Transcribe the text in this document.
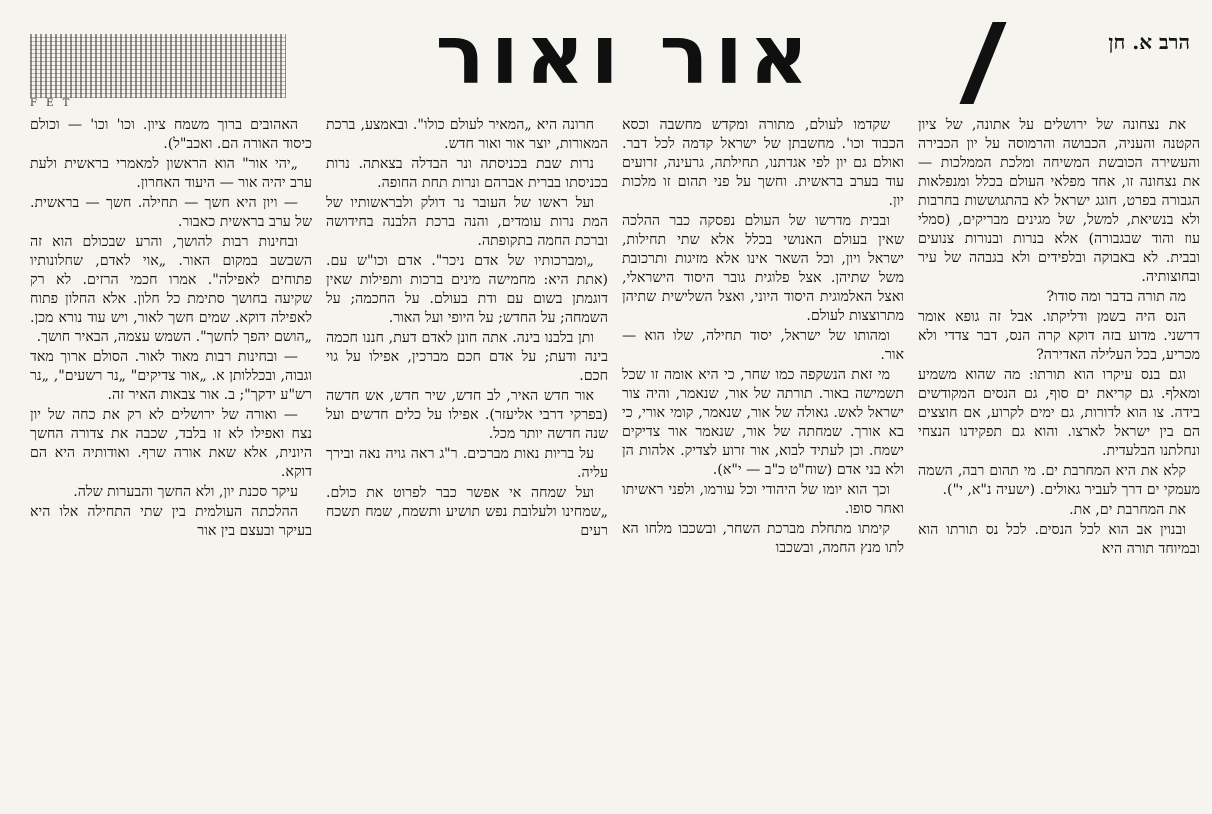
הרב א. חן
אור ואור
F E T

את נצחונה של ירושלים על אתונה, של ציון הקטנה והעניה, הכבושה והרמוסה על יון הכבירה והעשירה הכובשת המשיחה ומלכת הממלכות — את נצחונה זו, אחד מפלאי העולם בכלל ומנפלאות הגבורה בפרט, חוגג ישראל לא בהתגוששות בחרבות ולא בנשיאת, למשל, של מגינים מבריקים, (סמלי עוז והוד שבגבורה) אלא בנרות ובנורות צנועים ובבית. לא באבוקה ובלפידים ולא בגבהה של עיר ובחוצותיה.

מה תורה בדבר ומה סודו?

הנס היה בשמן ודליקתו. אבל זה גופא אומר דרשני. מדוע בזה דוקא קרה הנס, דבר צדדי ולא מכריע, בכל העלילה האדירה?

וגם בנס עיקרו הוא תורתו: מה שהוא משמיע ומאלף. גם קריאת ים סוף, גם הנסים המקודשים בידה. צו הוא לדורות, גם ימים לקרוע, אם חוצצים הם בין ישראל לארצו. והוא גם תפקידנו הנצחי ונחלתנו הבלעדית.

קלא את היא המחרבת ים. מי תהום רבה, השמה מעמקי ים דרך לעביר גאולים. (ישעיה נ"א, י").

את המחרבת ים, את.

ובנוין אב הוא לכל הנסים. לכל נס תורתו הוא ובמיוחד תורה היא

שקדמו לעולם, מתורה ומקדש מחשבה וכסא הכבוד וכו'. מחשבתן של ישראל קדמה לכל דבר. ואולם גם יון לפי אגדתנו, תחילתה, גרעינה, זרועים עוד בערב בראשית. וחשך על פני תהום זו מלכות יון.

ובבית מדרשו של העולם נפסקה כבר ההלכה שאין בעולם האנושי בכלל אלא שתי תחילות, ישראל ויון, וכל השאר אינו אלא מזיגות ותרכובת משל שתיהן. אצל פלוגית גובר היסוד הישראלי, ואצל האלמוגית היסוד היוני, ואצל השלישית שתיהן מתרוצצות לעולם.

ומהותו של ישראל, יסוד תחילה, שלו הוא — אור.

מי זאת הנשקפה כמו שחר, כי היא אומה זו שכל תשמישה באור. תורתה של אור, שנאמר, והיה צור ישראל לאש. גאולה של אור, שנאמר, קומי אורי, כי בא אורך. שמחתה של אור, שנאמר אור צדיקים ישמח. וכן לעתיד לבוא, אור זרוע לצדיק. אלהות הן ולא בני אדם (שוח"ט כ"ב — י"א).

וכך הוא יומו של היהודי וכל עורמו, ולפני ראשיתו ואחר סופו.

קימתו מתחלת מברכת השחר, ובשכבו מלחו הא לתו מנץ החמה, ובשכבו

חרונה היא „המאיר לעולם כולו". ובאמצע, ברכת המאורות, יוצר אור ואור חדש.

נרות שבת בכניסתה ונר הבדלה בצאתה. נרות בכניסתו בברית אברהם ונרות תחת החופה.

ועל ראשו של העובר נר דולק ולבראשותיו של המת נרות עומדים, והנה ברכת הלבנה בחידושה וברכת החמה בתקופתה.

„ומברכותיו של אדם ניכר". אדם וכו"ש עם. (אתת היא: מחמישה מינים ברכות ותפילות שאין דוגמתן בשום עם ודת בעולם. על החכמה; על השמחה; על החדש; על היופי ועל האור.

ותן בלבנו בינה. אתה חונן לאדם דעת, חננו חכמה בינה ודעת; על אדם חכם מברכין, אפילו על גוי חכם.

אור חדש האיר, לב חדש, שיר חדש, אש חדשה (בפרקי דרבי אליעזר). אפילו על כלים חדשים ועל שנה חדשה יותר מכל.

על בריות נאות מברכים. ר"ג ראה גויה נאה ובירך עליה.

ועל שמחה אי אפשר כבר לפרוט את כולם. „שמחינו ולעלובת נפש תושיע ותשמח, שמח תשכח רעים

האהובים ברוך משמח ציון. וכו' וכו' — וכולם כיסוד האורה הם. ואכב"ל).

„יהי אור" הוא הראשון למאמרי בראשית ולעת ערב יהיה אור — היעוד האחרון.

— ויון היא חשך — תחילה. חשך — בראשית. של ערב בראשית כאבור.

ובחינות רבות להושך, והרע שבכולם הוא זה השבשב במקום האור. „אוי לאדם, שחלונותיו פתוחים לאפילה". אמרו חכמי הרזים. לא רק שקיעה בחושך סתימת כל חלון. אלא החלון פתוח לאפילה דוקא. שמים חשך לאור, ויש עוד נורא מכן. „הושם יהפך לחשך". השמש עצמה, הבאיר חושך.

— ובחינות רבות מאוד לאור. הסולם ארוך מאד וגבוה, ובכללותן א. „אור צדיקים" „נר רשעים", „נר רש"ע ידקך"; ב. אור צבאות האיר זה.

— ואורה של ירושלים לא רק את כחה של יון נצח ואפילו לא זו בלבד, שכבה את צדורה החשך היונית, אלא שאת אורה שרף. ואודותיה היא הם דוקא.

עיקר סכנת יון, ולא החשך והבערות שלה.

ההלכתה העולמית בין שתי התחילה אלו היא בעיקר ובעצם בין אור
